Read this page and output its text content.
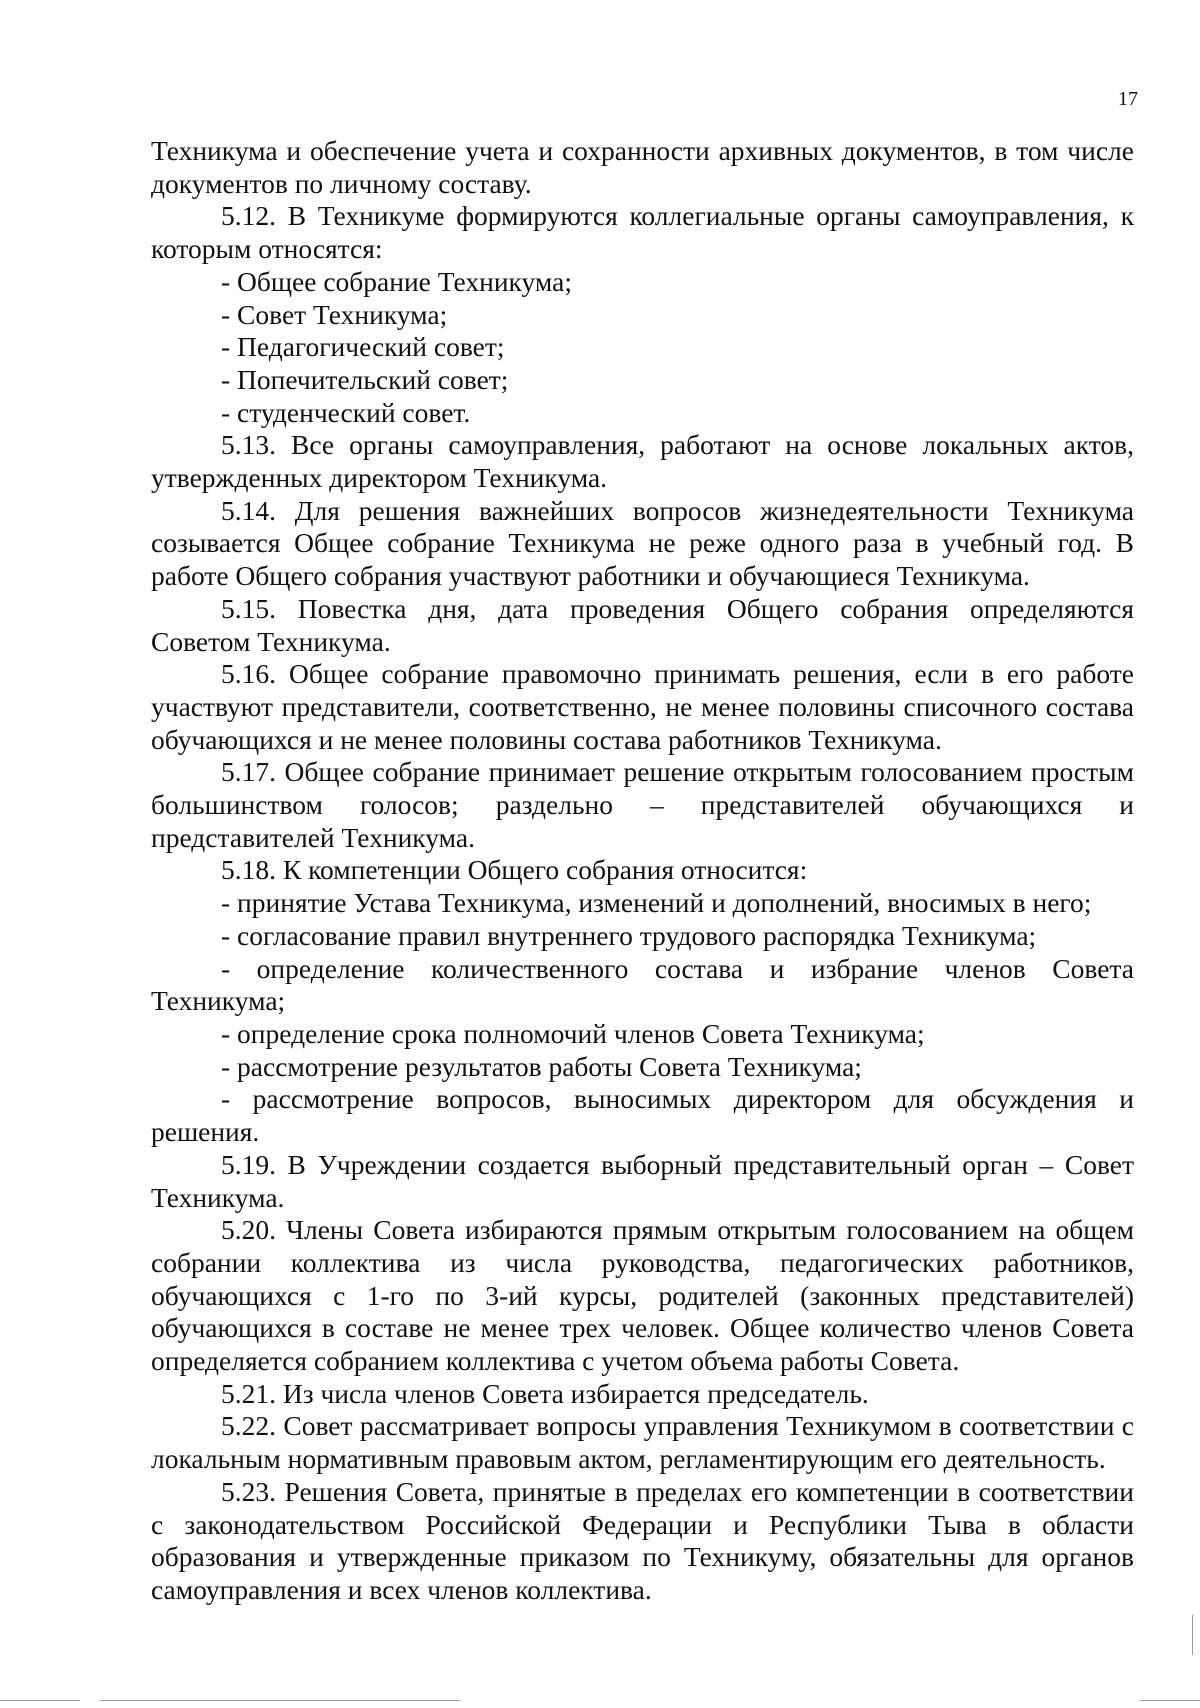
17

Техникума и обеспечение учета и сохранности архивных документов, в том числе документов по личному составу.

5.12. В Техникуме формируются коллегиальные органы самоуправления, к которым относятся:

- Общее собрание Техникума;

- Совет Техникума;

- Педагогический совет;

- Попечительский совет;

- студенческий совет.

5.13. Все органы самоуправления, работают на основе локальных актов, утвержденных директором Техникума.

5.14. Для решения важнейших вопросов жизнедеятельности Техникума созывается Общее собрание Техникума не реже одного раза в учебный год. В работе Общего собрания участвуют работники и обучающиеся Техникума.

5.15. Повестка дня, дата проведения Общего собрания определяются Советом Техникума.

5.16. Общее собрание правомочно принимать решения, если в его работе участвуют представители, соответственно, не менее половины списочного состава обучающихся и не менее половины состава работников Техникума.

5.17. Общее собрание принимает решение открытым голосованием простым большинством голосов; раздельно – представителей обучающихся и представителей Техникума.

5.18. К компетенции Общего собрания относится:

- принятие Устава Техникума, изменений и дополнений, вносимых в него;

- согласование правил внутреннего трудового распорядка Техникума;

- определение количественного состава и избрание членов Совета Техникума;

- определение срока полномочий членов Совета Техникума;

- рассмотрение результатов работы Совета Техникума;

- рассмотрение вопросов, выносимых директором для обсуждения и решения.

5.19. В Учреждении создается выборный представительный орган – Совет Техникума.

5.20. Члены Совета избираются прямым открытым голосованием на общем собрании коллектива из числа руководства, педагогических работников, обучающихся с 1-го по 3-ий курсы, родителей (законных представителей) обучающихся в составе не менее трех человек. Общее количество членов Совета определяется собранием коллектива с учетом объема работы Совета.

5.21. Из числа членов Совета избирается председатель.

5.22. Совет рассматривает вопросы управления Техникумом в соответствии с локальным нормативным правовым актом, регламентирующим его деятельность.

5.23. Решения Совета, принятые в пределах его компетенции в соответствии с законодательством Российской Федерации и Республики Тыва в области образования и утвержденные приказом по Техникуму, обязательны для органов самоуправления и всех членов коллектива.
